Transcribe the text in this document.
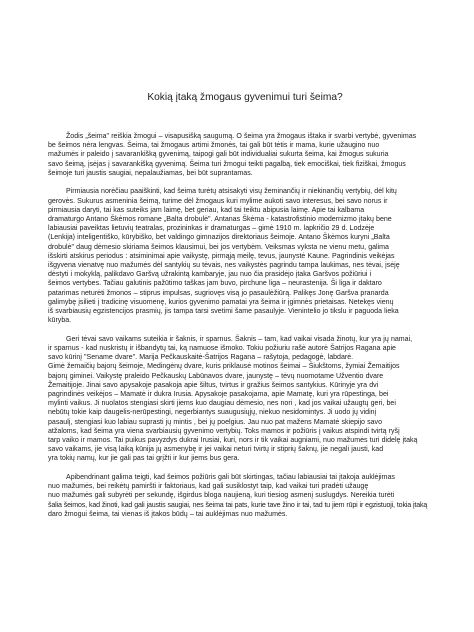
Kokią įtaką žmogaus gyvenimui turi šeima?
Žodis „šeima" reiškia žmogui – visapusišką saugumą. O šeima yra žmogaus ištaka ir svarbi vertybė, gyvenimas
be šeimos nėra lengvas. Šeima, tai žmogaus artimi žmonės, tai gali būt tėtis ir mama, kurie užaugino nuo
mažumės ir paleido į savarankišką gyvenimą, taipogi gali būt individualiai sukurta šeima, kai žmogus sukuria
savo šeimą, įsėjas į savarankišką gyvenimą. Šeima turi žmogui teikti pagalbą, tiek emociškai, tiek fiziškai, žmogus
šeimoje turi jaustis saugiai, nepalaužiamas, bei būt suprantamas.
Pirmiausia norėčiau paaiškinti, kad šeima turėtų atsisakyti visų žeminančių ir niekinančių vertybių, dėl kitų
gerovės. Sukurus asmeninia šeimą, turime dėl žmogaus kuri mylime aukoti savo interesus, bei savo norus ir
pirmiausia daryti, tai kas suteiks jam laimę, bet geriau, kad tai teiktu abipusia laimę. Apie tai kalbama
dramaturgo Antano Škėmos romane „Balta drobulė". Antanas Škėma - katastrofistinio modernizmo įtakų bene
labiausiai paveiktas lietuvių teatralas, prozininkas ir dramaturgas – gimė 1910 m. lapkričio 29 d. Lodzėje
(Lenkija) inteligentiško, kūrybiško, bet valdingo gimnazijos direktoriaus šeimoje. Antano Škėmos kuryni „Balta
drobulė" daug dėmesio skiriama šeimos klausimui, bei jos vertybėm. Veiksmas vyksta ne vienu metu, galima
išskirti atskirus periodus : atsiminimai apie vaikystę, pirmąją meilę, tevus, jaunystė Kaune. Pagrindinis veikėjas
išgyvena vienatvę nuo mažumės dėl santykių su tėvais, nes vaikystės pagrindu tampa laukimas, nes tėvai, įsėję
dėstyti i mokyklą, palikdavo Garšvą užrakintą kambaryje, jau nuo čia prasidėjo įtaka Garšvos požiūriui i
šeimos vertybes. Tačiau galutinis pažūtimo taškas jam buvo, pirchune liga – neurastenija. Ši liga ir daktaro
patarimas neturėti žmonos – stiprus impulsas, sugriovęs visą jo pasaulėžiūrą. Palikęs Jonę Garšva pranarda
galimybę įsilieti į tradicinę visuomenę, kurios gyvenimo pamatai yra šeima ir įgimnės prietaisas. Netekęs vienų
iš svarbiausių egzistencijos prasmių, jis tampa tarsi svetimi šame pasaulyje. Vienintelio jo tikslu ir paguoda lieka
kūryba.
Geri tėvai savo vaikams suteikia ir šaknis, ir sparnus. Šaknis – tam, kad vaikai visada žinotų, kur yra jų namai,
ir sparnus - kad nuskristų ir išbandytų tai, ką namuose išmoko. Tokiu požiuriu rašė autorė Šatrijos Ragana apie
savo kūrinį "Sename dvare". Marija Pečkauskaitė-Šatrijos Ragana – rašytoja, pedagogė, labdarė.
Gimė žemaičių bajorų šeimoje, Medingėnų dvare, kuris priklausė motinos šeimai – Šiukštoms, žymiai Žemaitijos
bajorų giminei. Vaikystę praleido Pečkauskų Labūnavos dvare, jaunystę – tėvų nuomotame Užventio dvare
Žemaitijoje. Jinai savo apysakoje pasakoja apie šiltus, tvirtus ir gražius šeimos santykius. Kūrinyje yra dvi
pagrindinės veikėjos – Mamatė ir dukra Irusia. Apysakoje pasakojama, apie Mamatę, kuri yra rūpestinga, bei
mylinti vaikus. Ji nuolatos stengiasi skirti jiems kuo daugiau dėmesio, nes nori , kad jos vaikai užaugtų geri, bei
nebūtų tokie kaip daugelis-nerūpestingi, negerbiantys suaugusiųjų, niekuo nesidomintys. Ji uodo jų vidinį
pasaulį, stengiasi kuo labiau suprasti jų mintis , bei jų poelgius. Jau nuo pat mažens Mamatė skiepijo savo
atžaloms, kad šeima yra viena svarbiausių gyvenimo vertybių. Toks mamos ir požiūris į vaikus atspindi tvirtą ryšį
tarp vaiko ir mamos. Tai puikus pavyzdys dukrai Irusiai, kuri, nors ir tik vaikai augniami, nuo mažumės turi didelę įtaką
savo vaikams, jie visą laiką kūnija jų asmenybę ir jei vaikai neturi tvirtų ir stiprių šaknų, jie negali jausti, kad
yra tokių namų, kur jie gali pas tai grįžti ir kur jiems bus gera.
Apibendrinant galima teigti, kad šeimos požiūris gali būt skirtingas, tačiau labiausiai tai įtakoja auklėjimas
nuo mažumės, bei reikėtų pamiršti ir faktoriaus, kad gali susiklostyt taip, kad vaikai turi pradėti užaugę
nuo mažumės gali subyrėti per sekundę, išgirdus bloga naujieną, kuri tiesiog asmenį suslugdys. Nereikia turėti
šalia šeimos, kad žinoti, kad gali jaustis saugiai, nes šeima tai pats, kurie tave žino ir tai, tad tu jiem rūpi ir egzistuoji, tokia įtaką
daro žmogui šeima, tai vienas iš įtakos būdų – tai auklėjimas nuo mažumės.
